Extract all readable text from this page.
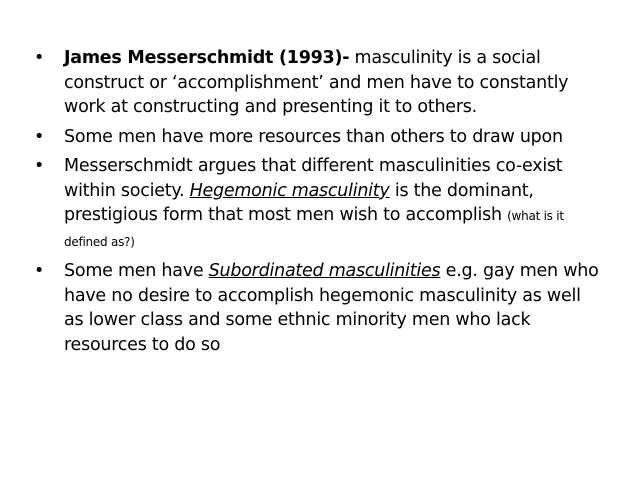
• James Messerschmidt (1993)- masculinity is a social construct or ‘accomplishment’ and men have to constantly work at constructing and presenting it to others.
• Some men have more resources than others to draw upon
• Messerschmidt argues that different masculinities co-exist within society. Hegemonic masculinity is the dominant, prestigious form that most men wish to accomplish (what is it defined as?)
• Some men have Subordinated masculinities e.g. gay men who have no desire to accomplish hegemonic masculinity as well as lower class and some ethnic minority men who lack resources to do so
